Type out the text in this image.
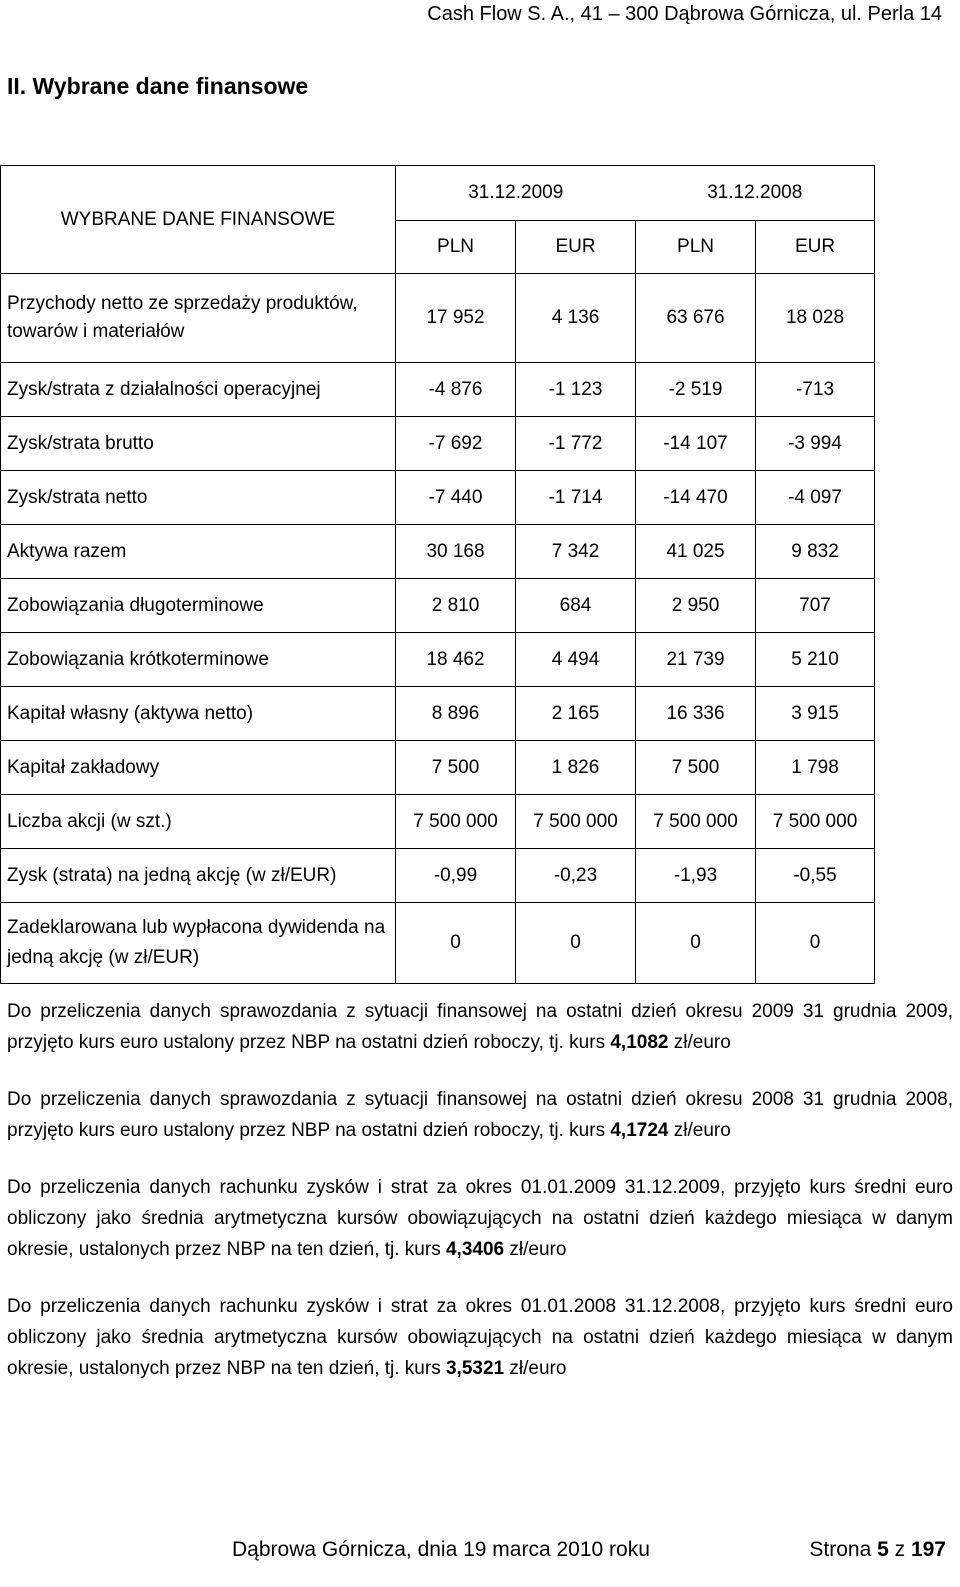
Cash Flow S. A., 41 – 300 Dąbrowa Górnicza, ul. Perla 14
II. Wybrane dane finansowe
WYBRANE DANE FINANSOWE	31.12.2009		31.12.2008	
	PLN	EUR	PLN	EUR
Przychody netto ze sprzedaży produktów, towarów i materiałów	17 952	4 136	63 676	18 028
Zysk/strata z działalności operacyjnej	-4 876	-1 123	-2 519	-713
Zysk/strata brutto	-7 692	-1 772	-14 107	-3 994
Zysk/strata netto	-7 440	-1 714	-14 470	-4 097
Aktywa razem	30 168	7 342	41 025	9 832
Zobowiązania długoterminowe	2 810	684	2 950	707
Zobowiązania krótkoterminowe	18 462	4 494	21 739	5 210
Kapitał własny (aktywa netto)	8 896	2 165	16 336	3 915
Kapitał zakładowy	7 500	1 826	7 500	1 798
Liczba akcji (w szt.)	7 500 000	7 500 000	7 500 000	7 500 000
Zysk (strata) na jedną akcję (w zł/EUR)	-0,99	-0,23	-1,93	-0,55
Zadeklarowana lub wypłacona dywidenda na jedną akcję (w zł/EUR)	0	0	0	0

Do przeliczenia danych sprawozdania z sytuacji finansowej na ostatni dzień okresu 2009 31 grudnia 2009, przyjęto kurs euro ustalony przez NBP na ostatni dzień roboczy, tj. kurs 4,1082 zł/euro

Do przeliczenia danych sprawozdania z sytuacji finansowej na ostatni dzień okresu 2008 31 grudnia 2008, przyjęto kurs euro ustalony przez NBP na ostatni dzień roboczy, tj. kurs 4,1724 zł/euro

Do przeliczenia danych rachunku zysków i strat za okres 01.01.2009 31.12.2009, przyjęto kurs średni euro obliczony jako średnia arytmetyczna kursów obowiązujących na ostatni dzień każdego miesiąca w danym okresie, ustalonych przez NBP na ten dzień, tj. kurs 4,3406 zł/euro

Do przeliczenia danych rachunku zysków i strat za okres 01.01.2008 31.12.2008, przyjęto kurs średni euro obliczony jako średnia arytmetyczna kursów obowiązujących na ostatni dzień każdego miesiąca w danym okresie, ustalonych przez NBP na ten dzień, tj. kurs 3,5321 zł/euro

Dąbrowa Górnicza, dnia 19 marca 2010 roku	Strona 5 z 197
